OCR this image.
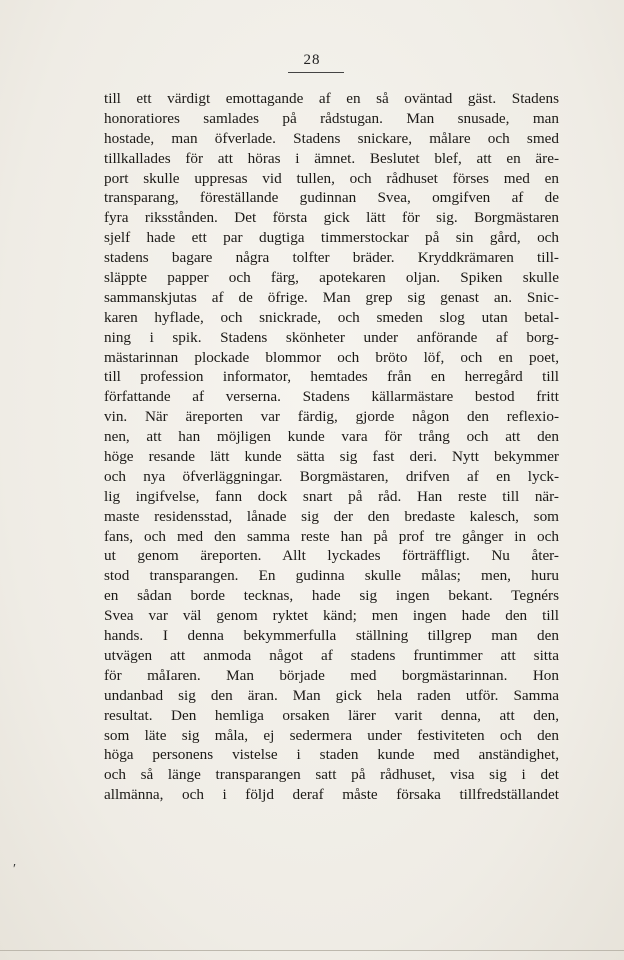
28
till ett värdigt emottagande af en så oväntad gäst. Stadens
honoratiores samlades på rådstugan. Man snusade, man
hostade, man öfverlade. Stadens snickare, målare och smed
tillkallades för att höras i ämnet. Beslutet blef, att en äre-
port skulle uppresas vid tullen, och rådhuset förses med en
transparang, föreställande gudinnan Svea, omgifven af de
fyra riksstånden. Det första gick lätt för sig. Borgmästaren
sjelf hade ett par dugtiga timmerstockar på sin gård, och
stadens bagare några tolfter bräder. Kryddkrämaren till-
släppte papper och färg, apotekaren oljan. Spiken skulle
sammanskjutas af de öfrige. Man grep sig genast an. Snic-
karen hyflade, och snickrade, och smeden slog utan betal-
ning i spik. Stadens skönheter under anförande af borg-
mästarinnan plockade blommor och bröto löf, och en poet,
till profession informator, hemtades från en herregård till
författande af verserna. Stadens källarmästare bestod fritt
vin. När äreporten var färdig, gjorde någon den reflexio-
nen, att han möjligen kunde vara för trång och att den
höge resande lätt kunde sätta sig fast deri. Nytt bekymmer
och nya öfverläggningar. Borgmästaren, drifven af en lyck-
lig ingifvelse, fann dock snart på råd. Han reste till när-
maste residensstad, lånade sig der den bredaste kalesch, som
fans, och med den samma reste han på prof tre gånger in och
ut genom äreporten. Allt lyckades förträffligt. Nu åter-
stod transparangen. En gudinna skulle målas; men, huru
en sådan borde tecknas, hade sig ingen bekant. Tegnérs
Svea var väl genom ryktet känd; men ingen hade den till
hands. I denna bekymmerfulla ställning tillgrep man den
utvägen att anmoda något af stadens fruntimmer att sitta
för måIaren. Man började med borgmästarinnan. Hon
undanbad sig den äran. Man gick hela raden utför. Samma
resultat. Den hemliga orsaken lärer varit denna, att den,
som läte sig måla, ej sedermera under festiviteten och den
höga personens vistelse i staden kunde med anständighet,
och så länge transparangen satt på rådhuset, visa sig i det
allmänna, och i följd deraf måste försaka tillfredställandet
′
